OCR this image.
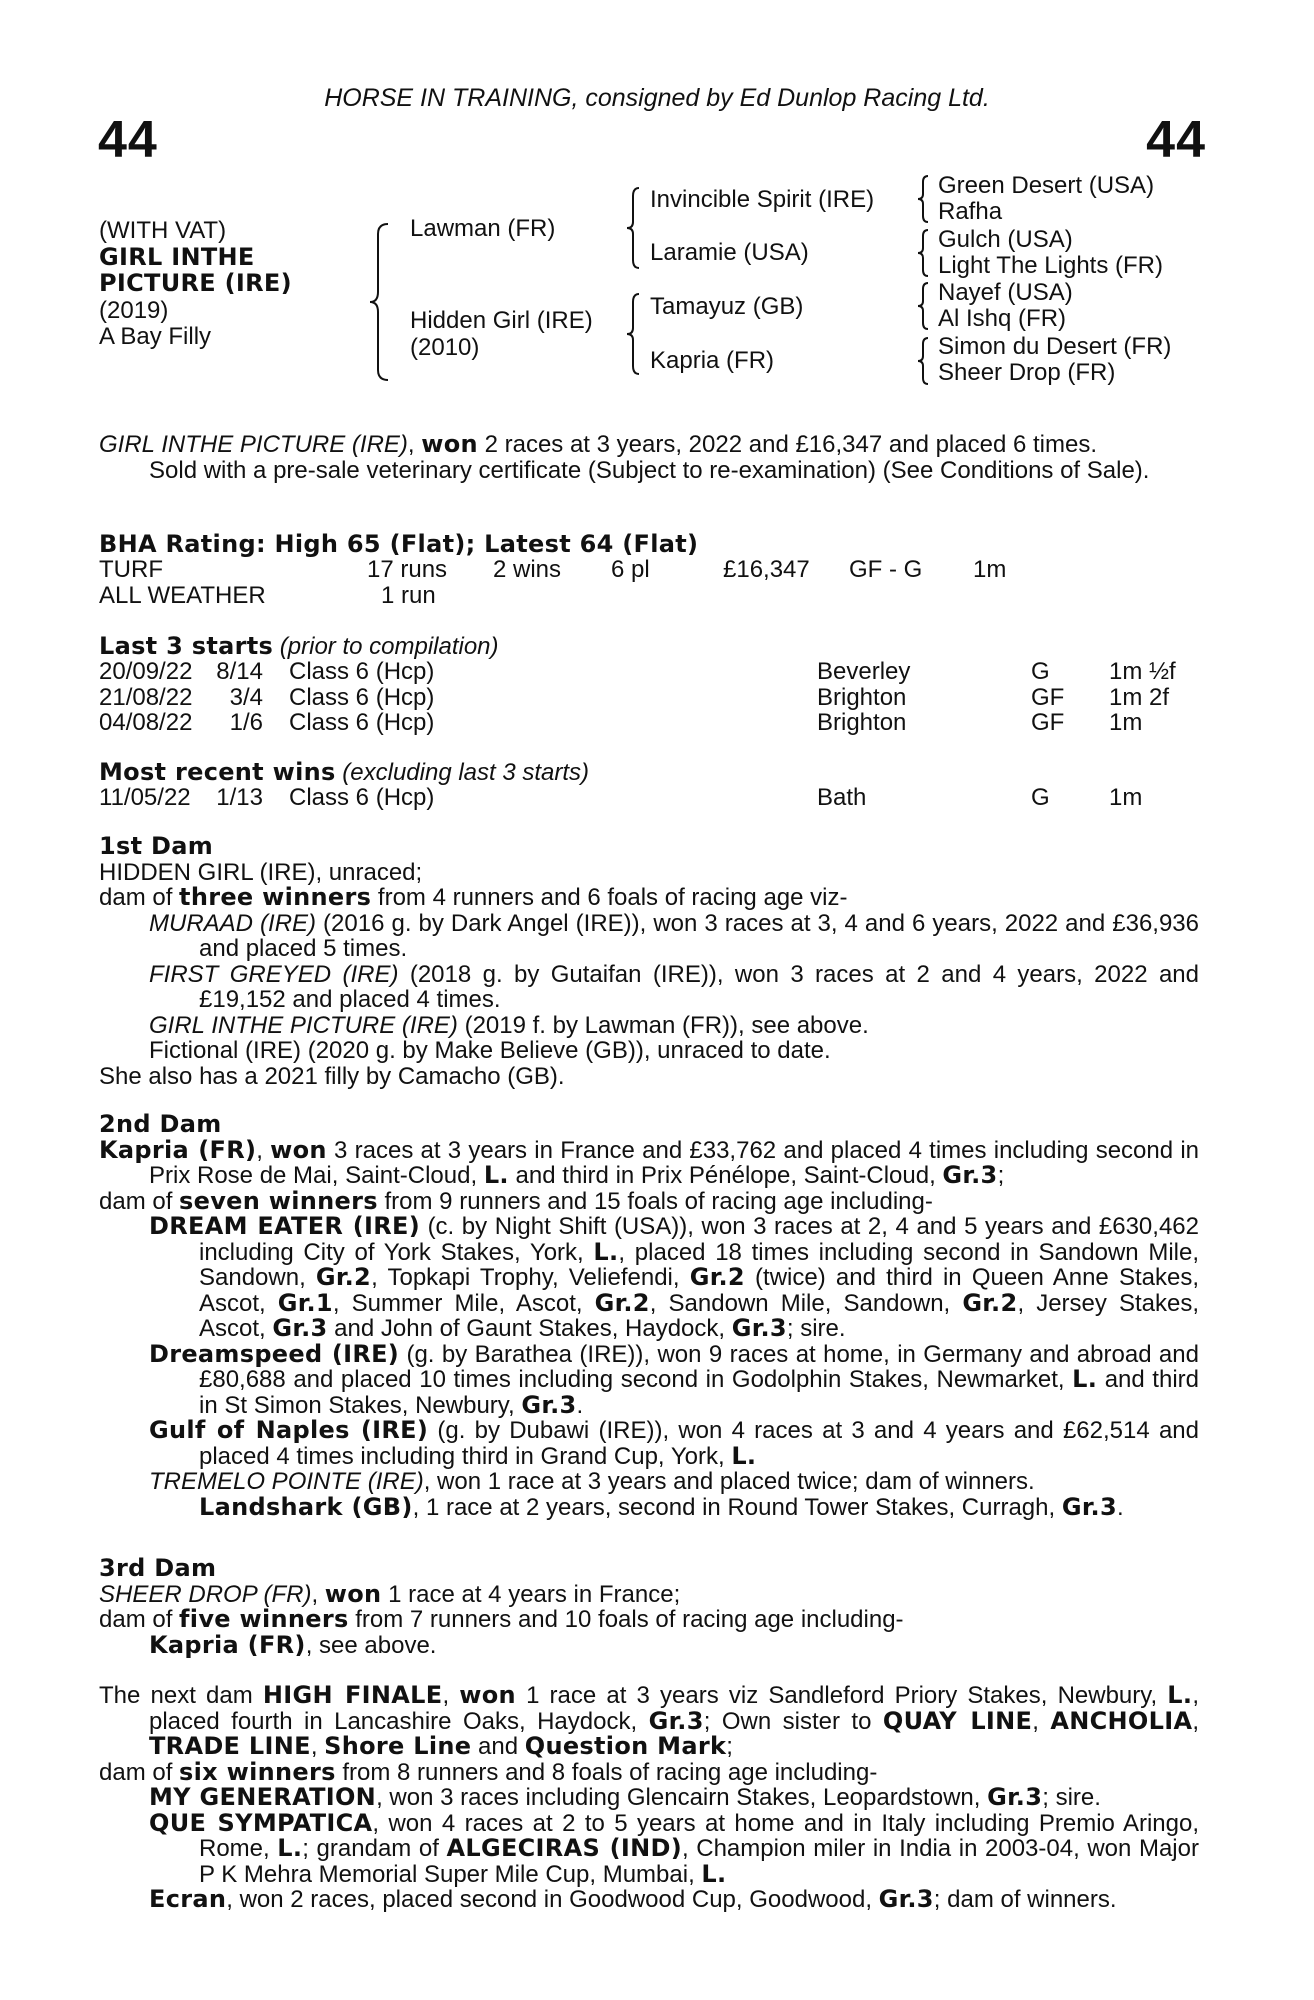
HORSE IN TRAINING, consigned by Ed Dunlop Racing Ltd.
44	44
(WITH VAT)
GIRL INTHE
PICTURE (IRE)
(2019)
A Bay Filly
Lawman (FR)
Hidden Girl (IRE)
(2010)
Invincible Spirit (IRE)
Laramie (USA)
Tamayuz (GB)
Kapria (FR)
Green Desert (USA)
Rafha
Gulch (USA)
Light The Lights (FR)
Nayef (USA)
Al Ishq (FR)
Simon du Desert (FR)
Sheer Drop (FR)

GIRL INTHE PICTURE (IRE), won 2 races at 3 years, 2022 and £16,347 and placed 6 times.
Sold with a pre-sale veterinary certificate (Subject to re-examination) (See Conditions of Sale).

BHA Rating: High 65 (Flat); Latest 64 (Flat)
TURF	17 runs 2 wins 6 pl	£16,347 GF - G 1m
ALL WEATHER	1 run
Last 3 starts (prior to compilation)
20/09/22 8/14 Class 6 (Hcp)	Beverley	G 1m ½f
21/08/22	3/4 Class 6 (Hcp)	Brighton	GF 1m 2f
04/08/22	1/6 Class 6 (Hcp)	Brighton	GF 1m
Most recent wins (excluding last 3 starts)
11/05/22	1/13 Class 6 (Hcp)	Bath	G 1m

1st Dam

HIDDEN GIRL (IRE), unraced;

dam of three winners from 4 runners and 6 foals of racing age viz-

MURAAD (IRE) (2016 g. by Dark Angel (IRE)), won 3 races at 3, 4 and 6 years, 2022 and £36,936 and placed 5 times.

FIRST GREYED (IRE) (2018 g. by Gutaifan (IRE)), won 3 races at 2 and 4 years, 2022 and £19,152 and placed 4 times.

GIRL INTHE PICTURE (IRE) (2019 f. by Lawman (FR)), see above.

Fictional (IRE) (2020 g. by Make Believe (GB)), unraced to date.

She also has a 2021 filly by Camacho (GB).

2nd Dam

Kapria (FR), won 3 races at 3 years in France and £33,762 and placed 4 times including second in Prix Rose de Mai, Saint-Cloud, L. and third in Prix Pénélope, Saint-Cloud, Gr.3;

dam of seven winners from 9 runners and 15 foals of racing age including-

DREAM EATER (IRE) (c. by Night Shift (USA)), won 3 races at 2, 4 and 5 years and £630,462 including City of York Stakes, York, L., placed 18 times including second in Sandown Mile, Sandown, Gr.2, Topkapi Trophy, Veliefendi, Gr.2 (twice) and third in Queen Anne Stakes, Ascot, Gr.1, Summer Mile, Ascot, Gr.2, Sandown Mile, Sandown, Gr.2, Jersey Stakes, Ascot, Gr.3 and John of Gaunt Stakes, Haydock, Gr.3; sire.

Dreamspeed (IRE) (g. by Barathea (IRE)), won 9 races at home, in Germany and abroad and £80,688 and placed 10 times including second in Godolphin Stakes, Newmarket, L. and third in St Simon Stakes, Newbury, Gr.3.

Gulf of Naples (IRE) (g. by Dubawi (IRE)), won 4 races at 3 and 4 years and £62,514 and placed 4 times including third in Grand Cup, York, L.

TREMELO POINTE (IRE), won 1 race at 3 years and placed twice; dam of winners.

Landshark (GB), 1 race at 2 years, second in Round Tower Stakes, Curragh, Gr.3.

3rd Dam

SHEER DROP (FR), won 1 race at 4 years in France;

dam of five winners from 7 runners and 10 foals of racing age including-

Kapria (FR), see above.

The next dam HIGH FINALE, won 1 race at 3 years viz Sandleford Priory Stakes, Newbury, L., placed fourth in Lancashire Oaks, Haydock, Gr.3; Own sister to QUAY LINE, ANCHOLIA, TRADE LINE, Shore Line and Question Mark;

dam of six winners from 8 runners and 8 foals of racing age including-

MY GENERATION, won 3 races including Glencairn Stakes, Leopardstown, Gr.3; sire.

QUE SYMPATICA, won 4 races at 2 to 5 years at home and in Italy including Premio Aringo, Rome, L.; grandam of ALGECIRAS (IND), Champion miler in India in 2003-04, won Major P K Mehra Memorial Super Mile Cup, Mumbai, L.

Ecran, won 2 races, placed second in Goodwood Cup, Goodwood, Gr.3; dam of winners.
